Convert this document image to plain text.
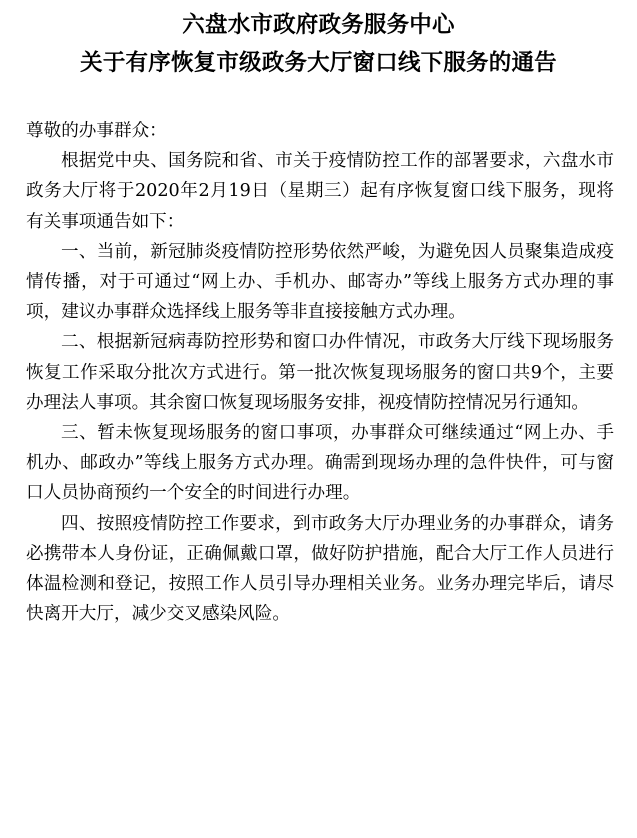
六盘水市政府政务服务中心
关于有序恢复市级政务大厅窗口线下服务的通告

尊敬的办事群众：

根据党中央、国务院和省、市关于疫情防控工作的部署要求，六盘水市政务大厅将于2020年2月19日（星期三）起有序恢复窗口线下服务，现将有关事项通告如下：

一、当前，新冠肺炎疫情防控形势依然严峻，为避免因人员聚集造成疫情传播，对于可通过“网上办、手机办、邮寄办”等线上服务方式办理的事项，建议办事群众选择线上服务等非直接接触方式办理。

二、根据新冠病毒防控形势和窗口办件情况，市政务大厅线下现场服务恢复工作采取分批次方式进行。第一批次恢复现场服务的窗口共9个，主要办理法人事项。其余窗口恢复现场服务安排，视疫情防控情况另行通知。

三、暂未恢复现场服务的窗口事项，办事群众可继续通过“网上办、手机办、邮政办”等线上服务方式办理。确需到现场办理的急件快件，可与窗口人员协商预约一个安全的时间进行办理。

四、按照疫情防控工作要求，到市政务大厅办理业务的办事群众，请务必携带本人身份证，正确佩戴口罩，做好防护措施，配合大厅工作人员进行体温检测和登记，按照工作人员引导办理相关业务。业务办理完毕后，请尽快离开大厅，减少交叉感染风险。
